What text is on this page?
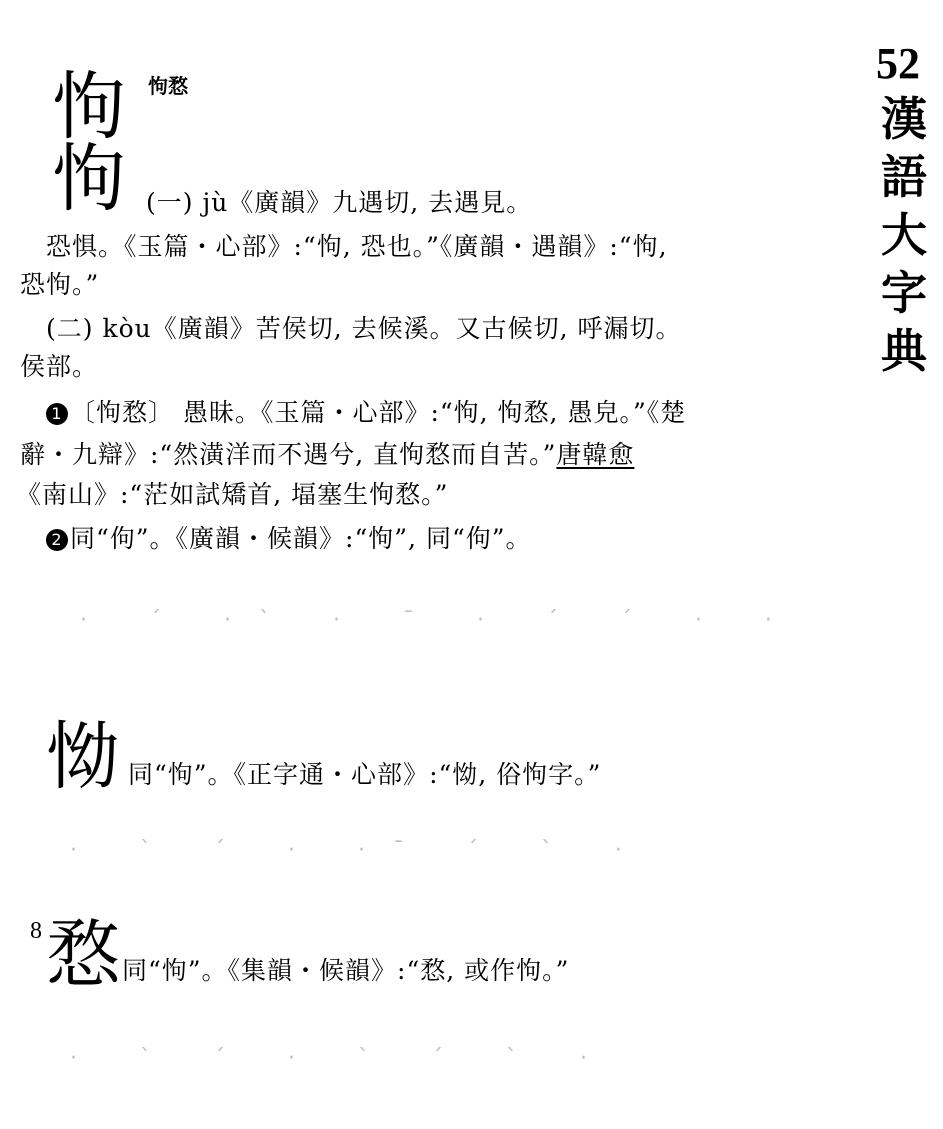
52
漢
語
大
字
典
怐 怐愗
怐 (一) jù《廣韻》九遇切, 去遇見。
恐惧。《玉篇・心部》:“怐, 恐也。”《廣韻・遇韻》:“怐,
恐怐。”
(二) kòu《廣韻》苦侯切, 去候溪。又古候切, 呼漏切。
侯部。
1 〔怐愗〕 愚昧。《玉篇・心部》:“怐, 怐愗, 愚皃。”《楚
辭・九辯》:“然潢洋而不遇兮, 直怐愗而自苦。”唐韓愈
《南山》:“茫如試矯首, 堛塞生怐愗。”
2 同“佝”。《廣韻・候韻》:“怐”, 同“佝”。
· ˊ ·ˋ · ˉ · ˊ ˊ · ·
怮 同“怐”。《正字通・心部》:“怮, 俗怐字。”
· ˋ ˊ · ·ˉ ˊ ˋ ·
8 愗 同“怐”。《集韻・候韻》:“愗, 或作怐。”
· ˋ ˊ · ˋ ˊ ˋ ·
